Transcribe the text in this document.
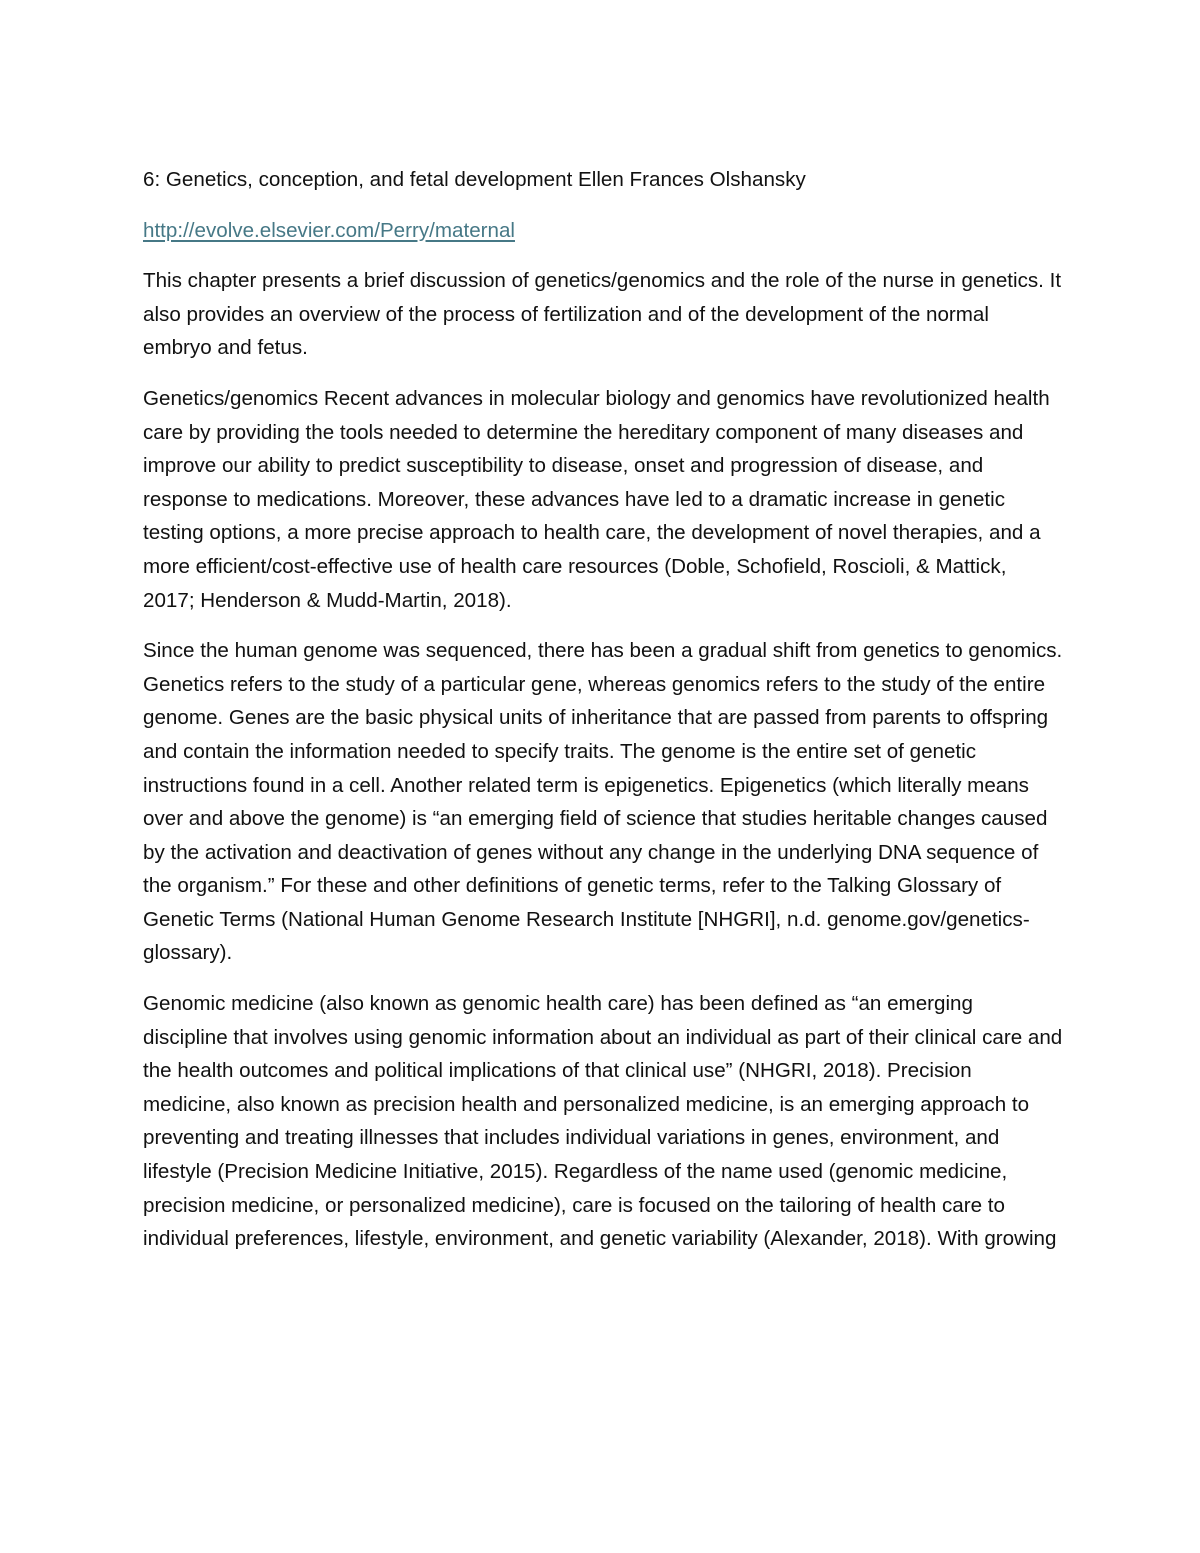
6: Genetics, conception, and fetal development Ellen Frances Olshansky

http://evolve.elsevier.com/Perry/maternal

This chapter presents a brief discussion of genetics/genomics and the role of the nurse in genetics. It also provides an overview of the process of fertilization and of the development of the normal embryo and fetus.

Genetics/genomics Recent advances in molecular biology and genomics have revolutionized health care by providing the tools needed to determine the hereditary component of many diseases and improve our ability to predict susceptibility to disease, onset and progression of disease, and response to medications. Moreover, these advances have led to a dramatic increase in genetic testing options, a more precise approach to health care, the development of novel therapies, and a more efficient/cost-effective use of health care resources (Doble, Schofield, Roscioli, & Mattick, 2017; Henderson & Mudd-Martin, 2018).

Since the human genome was sequenced, there has been a gradual shift from genetics to genomics. Genetics refers to the study of a particular gene, whereas genomics refers to the study of the entire genome. Genes are the basic physical units of inheritance that are passed from parents to offspring and contain the information needed to specify traits. The genome is the entire set of genetic instructions found in a cell. Another related term is epigenetics. Epigenetics (which literally means over and above the genome) is “an emerging field of science that studies heritable changes caused by the activation and deactivation of genes without any change in the underlying DNA sequence of the organism.” For these and other definitions of genetic terms, refer to the Talking Glossary of Genetic Terms (National Human Genome Research Institute [NHGRI], n.d. genome.gov/genetics-glossary).

Genomic medicine (also known as genomic health care) has been defined as “an emerging discipline that involves using genomic information about an individual as part of their clinical care and the health outcomes and political implications of that clinical use” (NHGRI, 2018). Precision medicine, also known as precision health and personalized medicine, is an emerging approach to preventing and treating illnesses that includes individual variations in genes, environment, and lifestyle (Precision Medicine Initiative, 2015). Regardless of the name used (genomic medicine, precision medicine, or personalized medicine), care is focused on the tailoring of health care to individual preferences, lifestyle, environment, and genetic variability (Alexander, 2018). With growing
